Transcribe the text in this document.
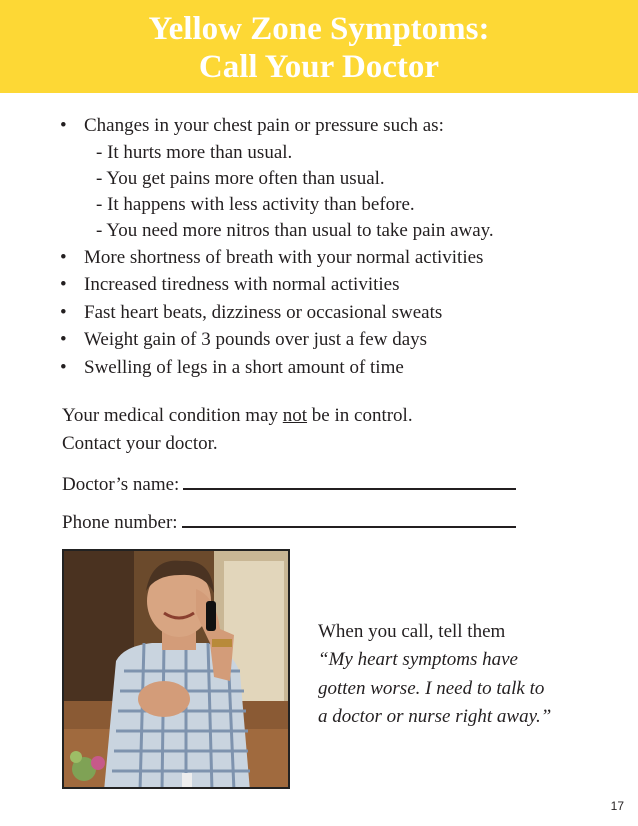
Yellow Zone Symptoms:
Call Your Doctor
• Changes in your chest pain or pressure such as:
- It hurts more than usual.
- You get pains more often than usual.
- It happens with less activity than before.
- You need more nitros than usual to take pain away.
• More shortness of breath with your normal activities
• Increased tiredness with normal activities
• Fast heart beats, dizziness or occasional sweats
• Weight gain of 3 pounds over just a few days
• Swelling of legs in a short amount of time
Your medical condition may not be in control.
Contact your doctor.
Doctor’s name:
Phone number:
When you call, tell them
“My heart symptoms have
gotten worse. I need to talk to
a doctor or nurse right away.”
17
